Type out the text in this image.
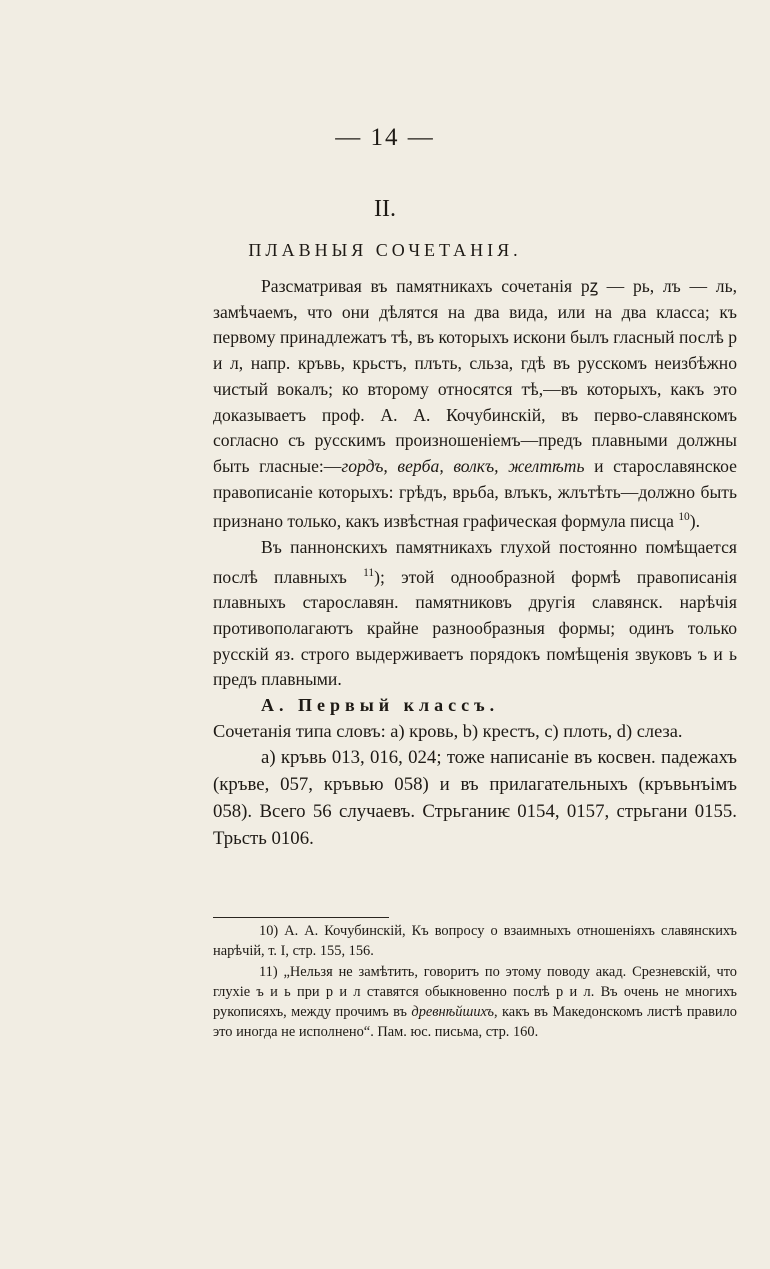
— 14 —
II.
ПЛАВНЫЯ СОЧЕТАНІЯ.

Разсматривая въ памятникахъ сочетанія рꙁ — рь, лъ — ль, замѣчаемъ, что они дѣлятся на два вида, или на два класса; къ первому принадлежатъ тѣ, въ которыхъ искони былъ гласный послѣ р и л, напр. кръвь, крьстъ, плъть, сльза, гдѣ въ русскомъ неизбѣжно чистый вокалъ; ко второму относятся тѣ,—въ которыхъ, какъ это доказываетъ проф. А. А. Кочубинскій, въ перво-славянскомъ согласно съ русскимъ произношеніемъ—предъ плавными должны быть гласные:—гордъ, верба, волкъ, желтѣть и старославянское правописаніе которыхъ: грѣдъ, врьба, влъкъ, жлътѣть—должно быть признано только, какъ извѣстная графическая формула писца $^{10}$).

Въ паннонскихъ памятникахъ глухой постоянно помѣщается послѣ плавныхъ $^{11}$); этой однообразной формѣ правописанія плавныхъ старославян. памятниковъ другія славянск. нарѣчія противополагаютъ крайне разнообразныя формы; одинъ только русскій яз. строго выдерживаетъ порядокъ помѣщенія звуковъ ъ и ь предъ плавными.

А. Первый классъ.

Сочетанія типа словъ: а) кровь, b) крестъ, c) плоть, d) слеза.

а) кръвь 013, 016, 024; тоже написаніе въ косвен. падежахъ (кръве, 057, кръвью 058) и въ прилагательныхъ (кръвьнъімъ 058). Всего 56 случаевъ. Стрьганиѥ 0154, 0157, стрьгани 0155. Трьсть 0106.

10) А. А. Кочубинскій, Къ вопросу о взаимныхъ отношеніяхъ славянскихъ нарѣчій, т. I, стр. 155, 156.

11) „Нельзя не замѣтить, говоритъ по этому поводу акад. Срезневскій, что глухіе ъ и ь при р и л ставятся обыкновенно послѣ р и л. Въ очень не многихъ рукописяхъ, между прочимъ въ древнѣйшихъ, какъ въ Македонскомъ листѣ правило это иногда не исполнено“. Пам. юс. письма, стр. 160.
